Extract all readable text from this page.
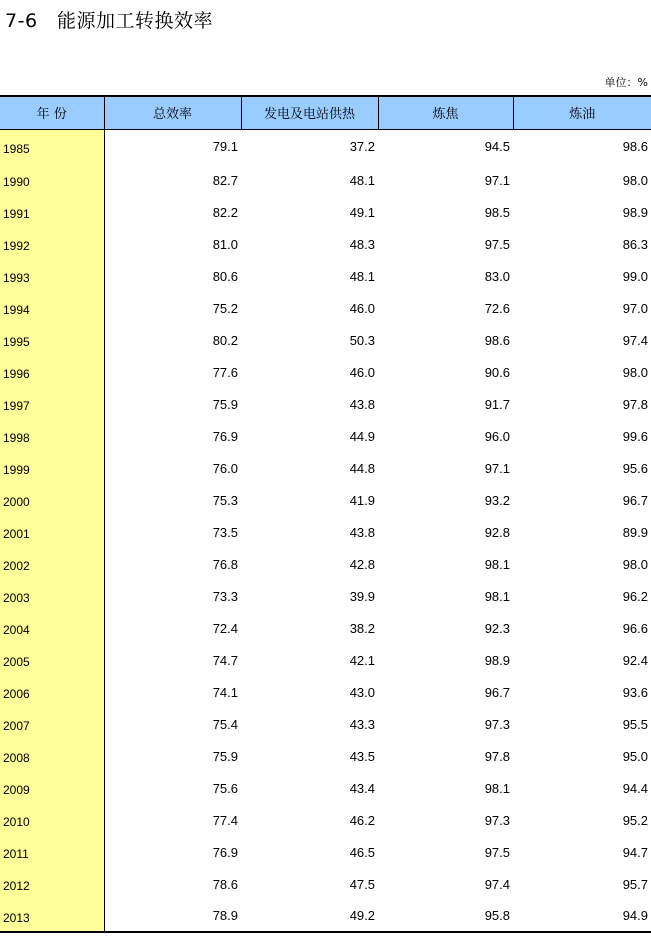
7-6　能源加工转换效率
单位：%
年 份	总效率	发电及电站供热	炼焦	炼油
1985	79.1	37.2	94.5	98.6
1990	82.7	48.1	97.1	98.0
1991	82.2	49.1	98.5	98.9
1992	81.0	48.3	97.5	86.3
1993	80.6	48.1	83.0	99.0
1994	75.2	46.0	72.6	97.0
1995	80.2	50.3	98.6	97.4
1996	77.6	46.0	90.6	98.0
1997	75.9	43.8	91.7	97.8
1998	76.9	44.9	96.0	99.6
1999	76.0	44.8	97.1	95.6
2000	75.3	41.9	93.2	96.7
2001	73.5	43.8	92.8	89.9
2002	76.8	42.8	98.1	98.0
2003	73.3	39.9	98.1	96.2
2004	72.4	38.2	92.3	96.6
2005	74.7	42.1	98.9	92.4
2006	74.1	43.0	96.7	93.6
2007	75.4	43.3	97.3	95.5
2008	75.9	43.5	97.8	95.0
2009	75.6	43.4	98.1	94.4
2010	77.4	46.2	97.3	95.2
2011	76.9	46.5	97.5	94.7
2012	78.6	47.5	97.4	95.7
2013	78.9	49.2	95.8	94.9
